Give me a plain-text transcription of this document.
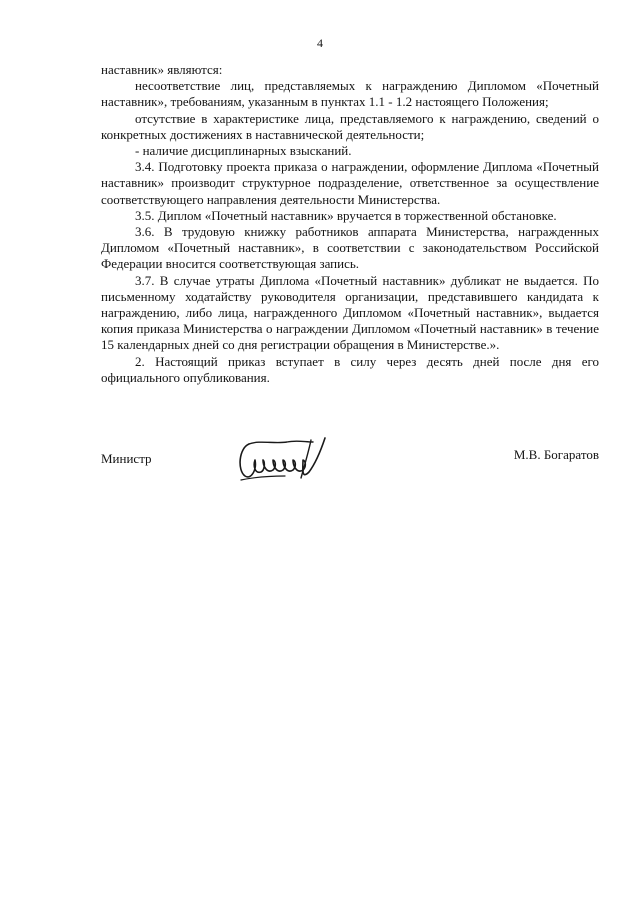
4

наставник» являются:

несоответствие лиц, представляемых к награждению Дипломом «Почетный наставник», требованиям, указанным в пунктах 1.1 - 1.2 настоящего Положения;

отсутствие в характеристике лица, представляемого к награждению, сведений о конкретных достижениях в наставнической деятельности;

- наличие дисциплинарных взысканий.

3.4. Подготовку проекта приказа о награждении, оформление Диплома «Почетный наставник» производит структурное подразделение, ответственное за осуществление соответствующего направления деятельности Министерства.

3.5. Диплом «Почетный наставник» вручается в торжественной обстановке.

3.6. В трудовую книжку работников аппарата Министерства, награжденных Дипломом «Почетный наставник», в соответствии с законодательством Российской Федерации вносится соответствующая запись.

3.7. В случае утраты Диплома «Почетный наставник» дубликат не выдается. По письменному ходатайству руководителя организации, представившего кандидата к награждению, либо лица, награжденного Дипломом «Почетный наставник», выдается копия приказа Министерства о награждении Дипломом «Почетный наставник» в течение 15 календарных дней со дня регистрации обращения в Министерстве.».

2. Настоящий приказ вступает в силу через десять дней после дня его официального опубликования.

Министр	М.В. Богаратов
